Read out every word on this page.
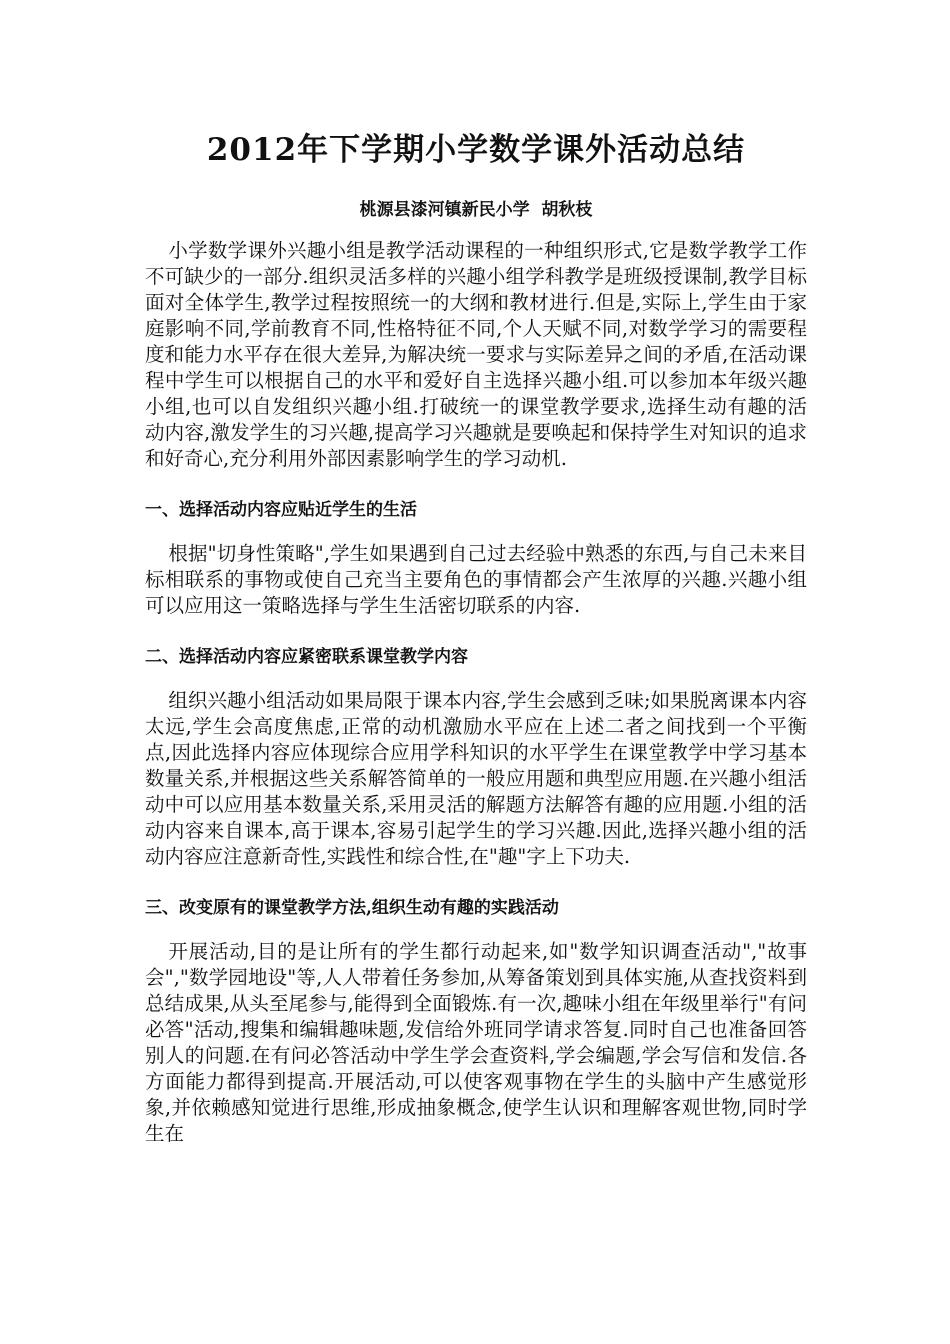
2012年下学期小学数学课外活动总结
桃源县漆河镇新民小学  胡秋枝

小学数学课外兴趣小组是教学活动课程的一种组织形式,它是数学教学工作不可缺少的一部分.组织灵活多样的兴趣小组学科教学是班级授课制,教学目标面对全体学生,教学过程按照统一的大纲和教材进行.但是,实际上,学生由于家庭影响不同,学前教育不同,性格特征不同,个人天赋不同,对数学学习的需要程度和能力水平存在很大差异,为解决统一要求与实际差异之间的矛盾,在活动课程中学生可以根据自己的水平和爱好自主选择兴趣小组.可以参加本年级兴趣小组,也可以自发组织兴趣小组.打破统一的课堂教学要求,选择生动有趣的活动内容,激发学生的习兴趣,提高学习兴趣就是要唤起和保持学生对知识的追求和好奇心,充分利用外部因素影响学生的学习动机.

一、选择活动内容应贴近学生的生活

根据"切身性策略",学生如果遇到自己过去经验中熟悉的东西,与自己未来目标相联系的事物或使自己充当主要角色的事情都会产生浓厚的兴趣.兴趣小组可以应用这一策略选择与学生生活密切联系的内容.

二、选择活动内容应紧密联系课堂教学内容

组织兴趣小组活动如果局限于课本内容,学生会感到乏味;如果脱离课本内容太远,学生会高度焦虑,正常的动机激励水平应在上述二者之间找到一个平衡点,因此选择内容应体现综合应用学科知识的水平学生在课堂教学中学习基本数量关系,并根据这些关系解答简单的一般应用题和典型应用题.在兴趣小组活动中可以应用基本数量关系,采用灵活的解题方法解答有趣的应用题.小组的活动内容来自课本,高于课本,容易引起学生的学习兴趣.因此,选择兴趣小组的活动内容应注意新奇性,实践性和综合性,在"趣"字上下功夫.

三、改变原有的课堂教学方法,组织生动有趣的实践活动

开展活动,目的是让所有的学生都行动起来,如"数学知识调查活动","故事会","数学园地设"等,人人带着任务参加,从筹备策划到具体实施,从查找资料到总结成果,从头至尾参与,能得到全面锻炼.有一次,趣味小组在年级里举行"有问必答"活动,搜集和编辑趣味题,发信给外班同学请求答复.同时自己也准备回答别人的问题.在有问必答活动中学生学会查资料,学会编题,学会写信和发信.各方面能力都得到提高.开展活动,可以使客观事物在学生的头脑中产生感觉形象,并依赖感知觉进行思维,形成抽象概念,使学生认识和理解客观世物,同时学生在
